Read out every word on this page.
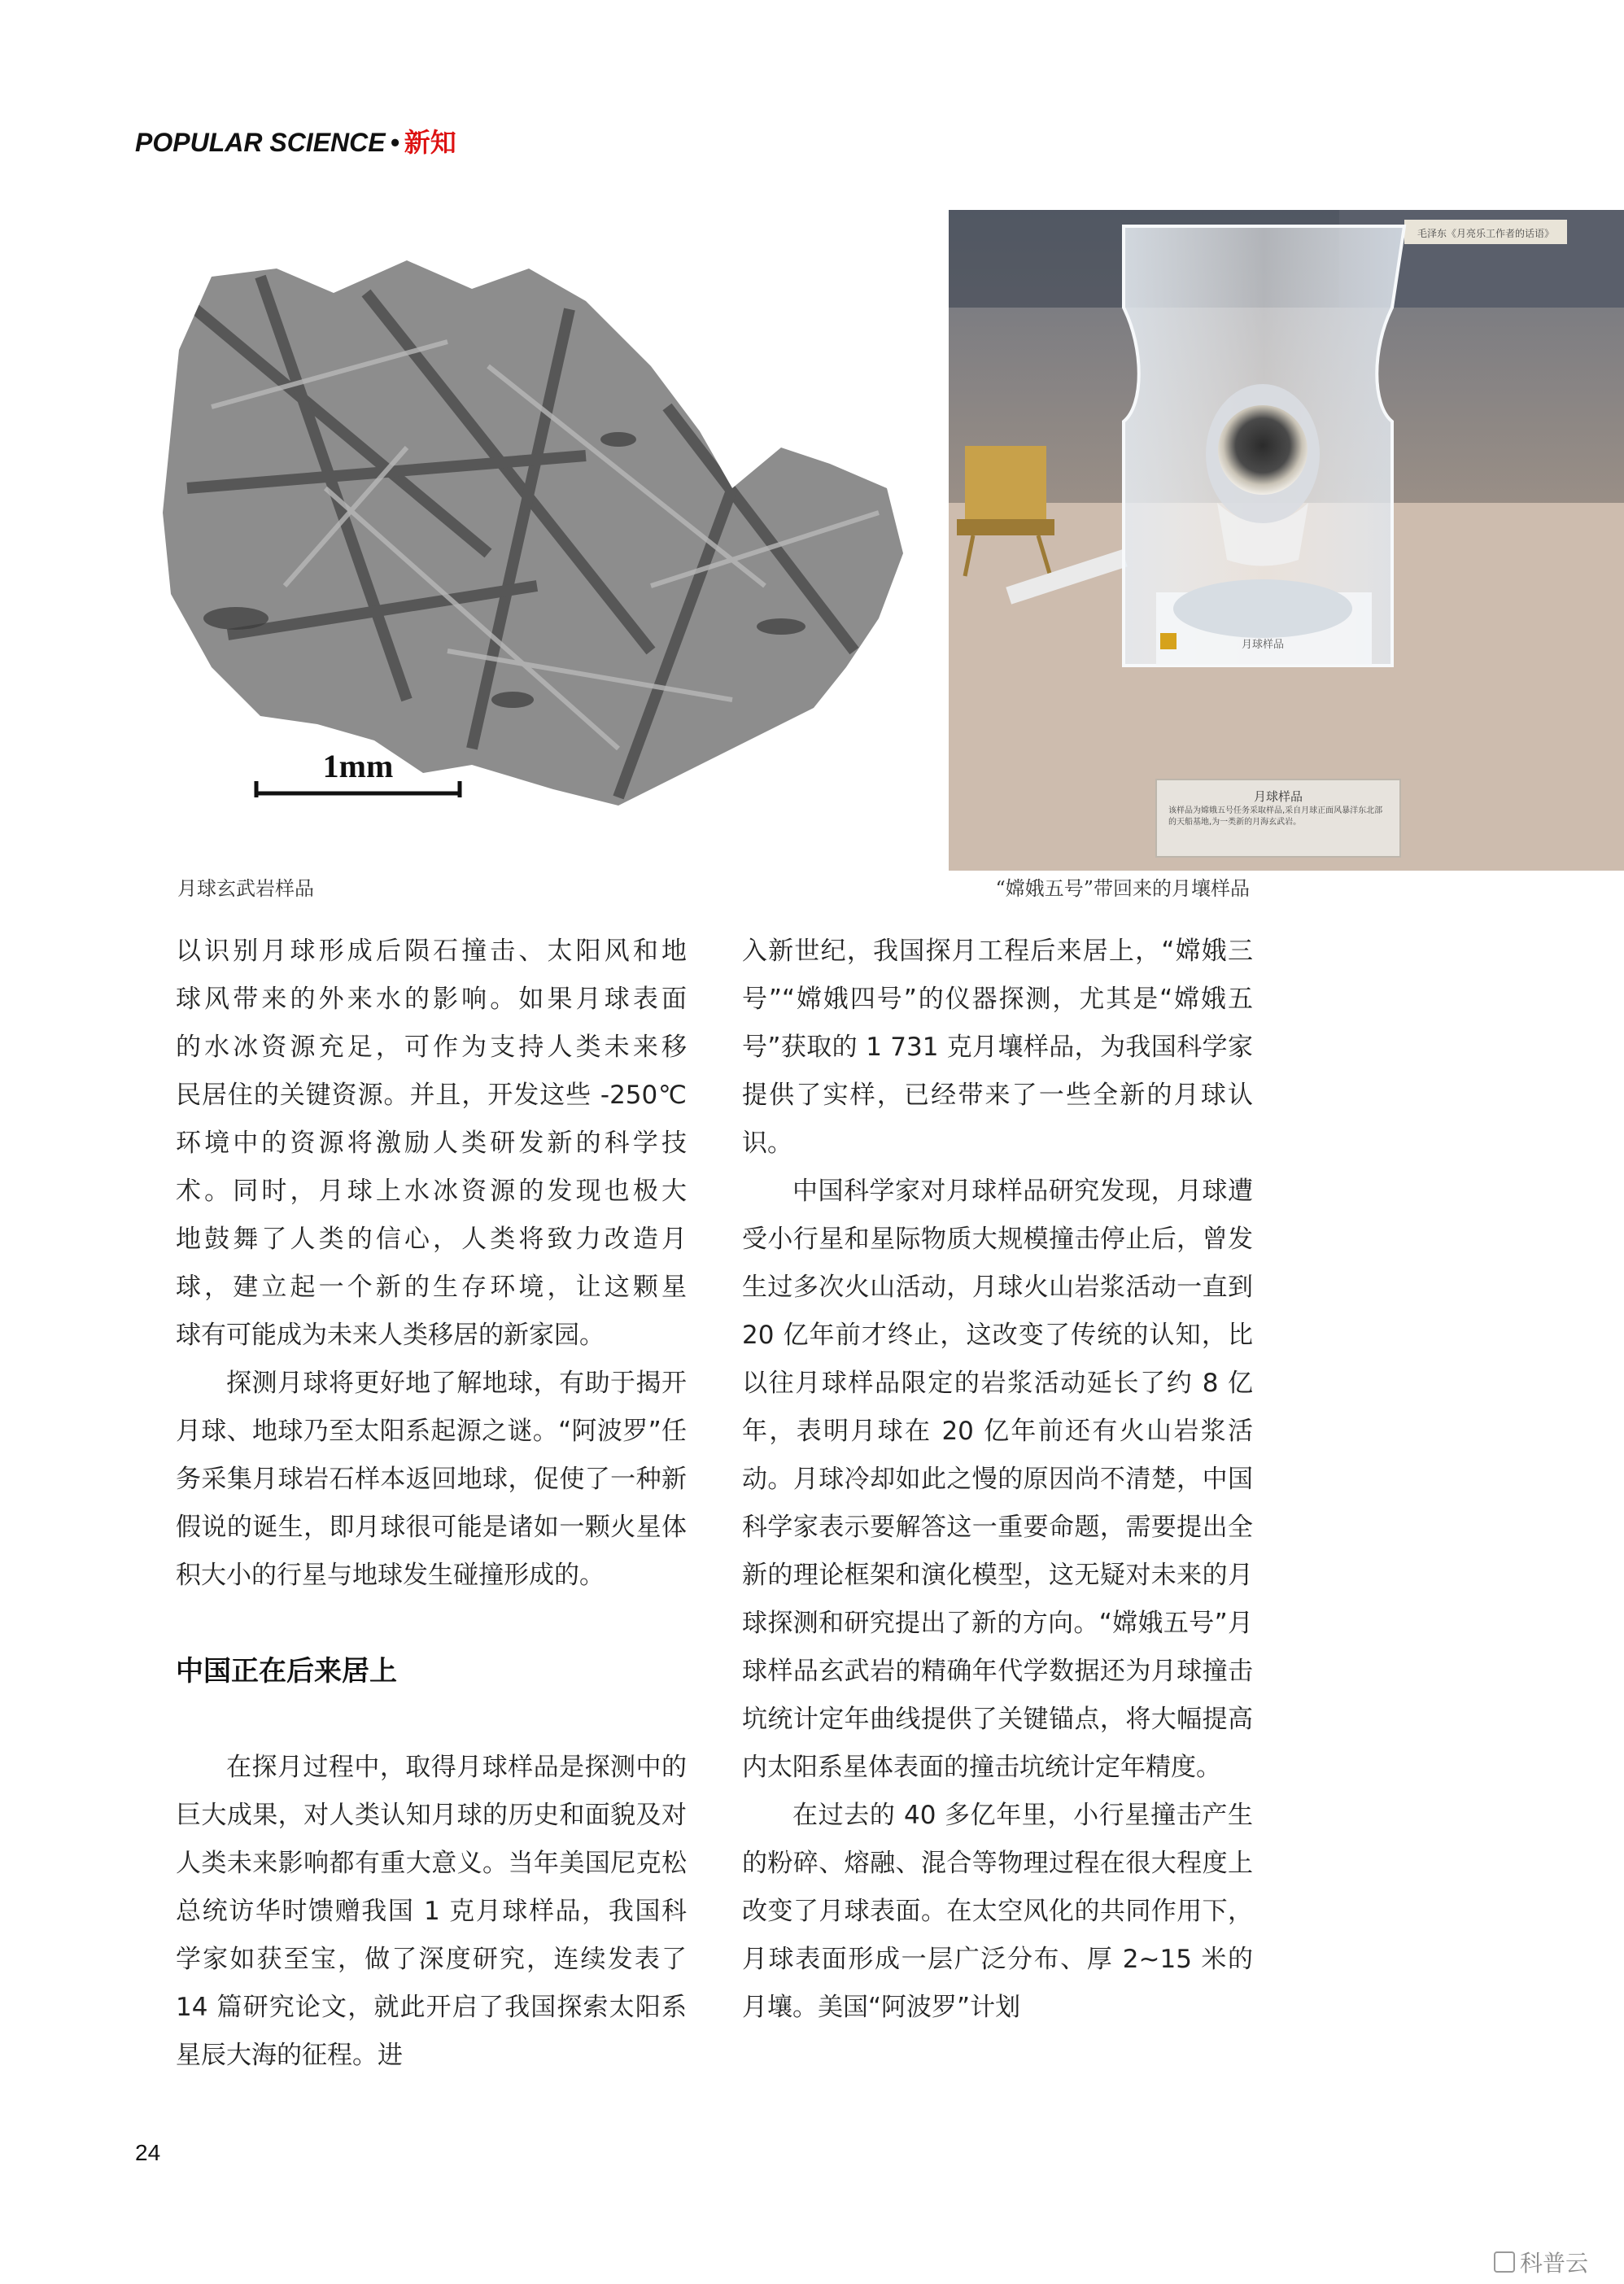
POPULAR SCIENCE • 新知
1mm
月球玄武岩样品
毛泽东《月亮乐工作者的话语》
月球样品
月球样品
该样品为嫦娥五号任务采取样品,采自月球正面风暴洋东北部的天船基地,为一类新的月海玄武岩。
“嫦娥五号”带回来的月壤样品

以识别月球形成后陨石撞击、太阳风和地
球风带来的外来水的影响。如果月球表面
的水冰资源充足，可作为支持人类未来移
民居住的关键资源。并且，开发这些 -250℃
环境中的资源将激励人类研发新的科学技
术。同时，月球上水冰资源的发现也极大
地鼓舞了人类的信心，人类将致力改造月
球，建立起一个新的生存环境，让这颗星
球有可能成为未来人类移居的新家园。

探测月球将更好地了解地球，有助于揭开月球、地球乃至太阳系起源之谜。“阿波罗”任务采集月球岩石样本返回地球，促使了一种新假说的诞生，即月球很可能是诸如一颗火星体积大小的行星与地球发生碰撞形成的。

中国正在后来居上

在探月过程中，取得月球样品是探测中的巨大成果，对人类认知月球的历史和面貌及对人类未来影响都有重大意义。当年美国尼克松总统访华时馈赠我国 1 克月球样品，我国科学家如获至宝，做了深度研究，连续发表了 14 篇研究论文，就此开启了我国探索太阳系星辰大海的征程。进

入新世纪，我国探月工程后来居上，“嫦娥三号”“嫦娥四号”的仪器探测，尤其是“嫦娥五号”获取的 1 731 克月壤样品，为我国科学家提供了实样，已经带来了一些全新的月球认识。

中国科学家对月球样品研究发现，月球遭受小行星和星际物质大规模撞击停止后，曾发生过多次火山活动，月球火山岩浆活动一直到 20 亿年前才终止，这改变了传统的认知，比以往月球样品限定的岩浆活动延长了约 8 亿年，表明月球在 20 亿年前还有火山岩浆活动。月球冷却如此之慢的原因尚不清楚，中国科学家表示要解答这一重要命题，需要提出全新的理论框架和演化模型，这无疑对未来的月球探测和研究提出了新的方向。“嫦娥五号”月球样品玄武岩的精确年代学数据还为月球撞击坑统计定年曲线提供了关键锚点，将大幅提高内太阳系星体表面的撞击坑统计定年精度。

在过去的 40 多亿年里，小行星撞击产生的粉碎、熔融、混合等物理过程在很大程度上改变了月球表面。在太空风化的共同作用下，月球表面形成一层广泛分布、厚 2~15 米的月壤。美国“阿波罗”计划

24
科普云
